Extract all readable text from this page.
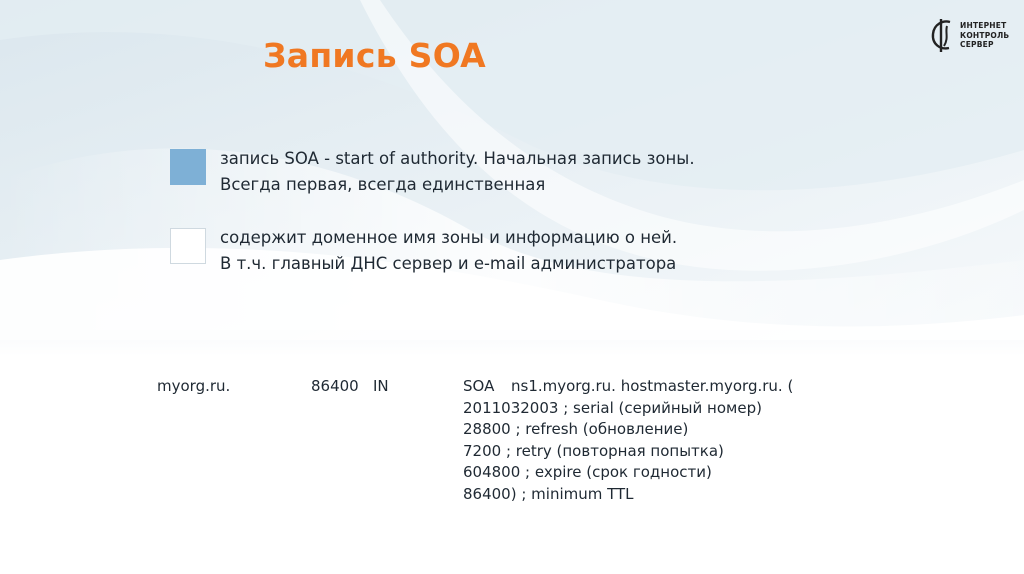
Запись SOA
ИНТЕРНЕТ
КОНТРОЛЬ
СЕРВЕР
запись SOA - start of authority. Начальная запись зоны.
Всегда первая, всегда единственная
содержит доменное имя зоны и информацию о ней.
В т.ч. главный ДНС сервер и e-mail администратора
myorg.ru.	86400 IN	SOA ns1.myorg.ru. hostmaster.myorg.ru. (
2011032003 ; serial (серийный номер)
28800 ; refresh (обновление)
7200 ; retry (повторная попытка)
604800 ; expire (срок годности)
86400) ; minimum TTL
